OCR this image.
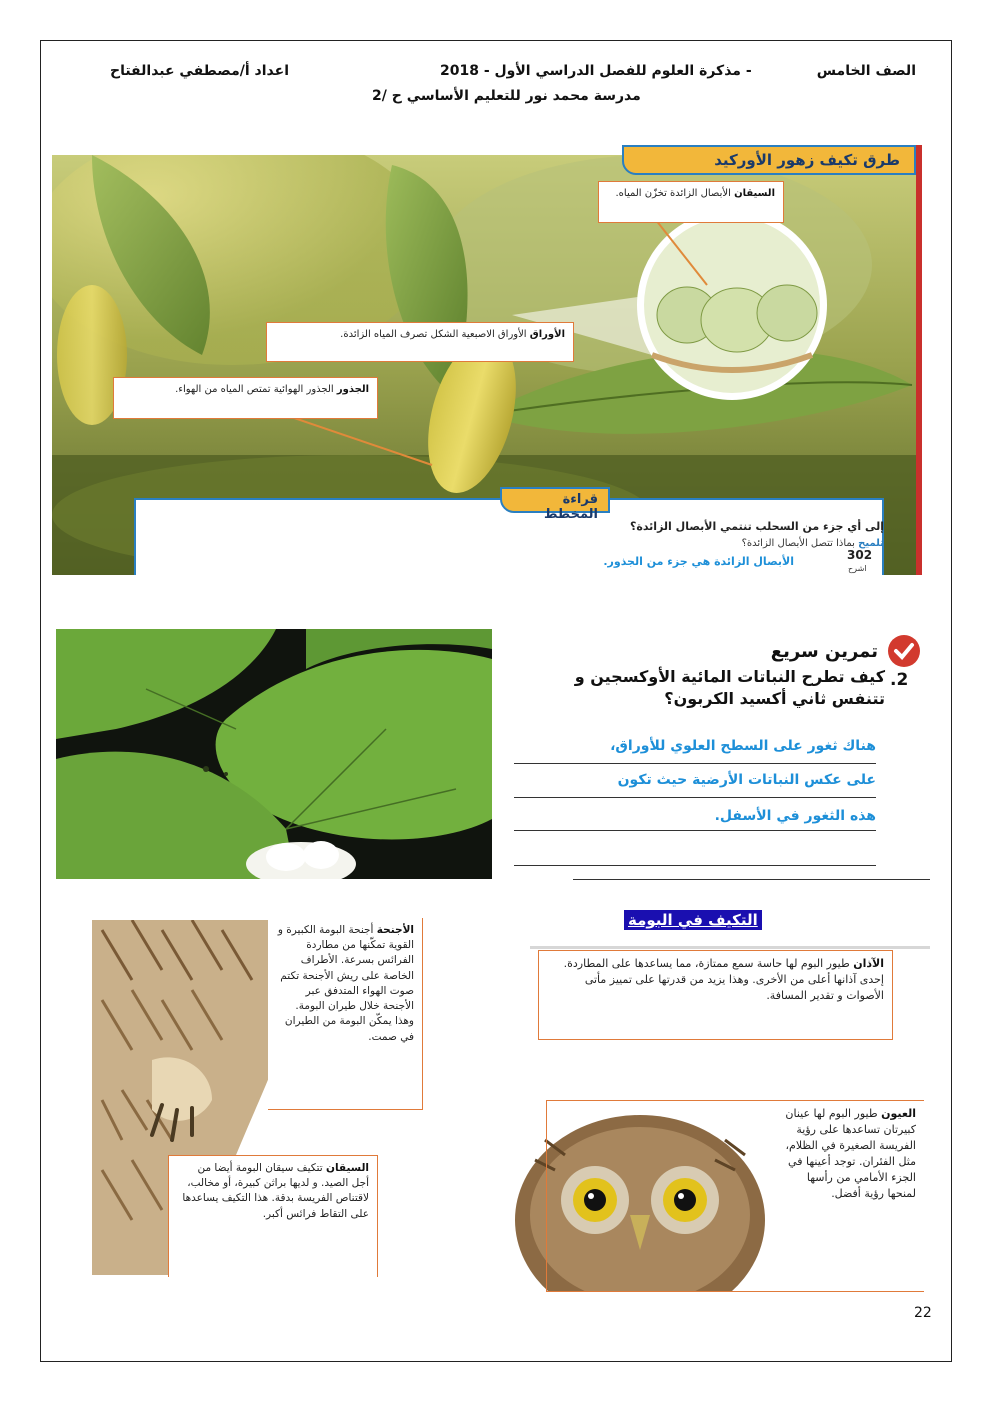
الصف الخامس
- مذكرة العلوم للفصل الدراسي الأول - 2018
اعداد أ/مصطفي عبدالفتاح
مدرسة محمد نور للتعليم الأساسي ح /2
طرق تكيف زهور الأوركيد
السيقان الأبصال الزائدة تخزّن المياه.
الأوراق الأوراق الاصبعية الشكل تصرف المياه الزائدة.
الجذور الجذور الهوائية تمتص المياه من الهواء.
قراءة المخطط
إلى أي جزء من السحلب تنتمي الأبصال الزائدة؟
تلميح بماذا تتصل الأبصال الزائدة؟
الأبصال الزائدة هي جزء من الجذور.	302
اشرح
تمرين سريع
.2
كيف تطرح النباتات المائية الأوكسجين و تتنفس ثاني أكسيد الكربون؟
هناك ثغور على السطح العلوي للأوراق،
على عكس النباتات الأرضية حيث تكون
هذه الثغور في الأسفل.
التكيف في البومة
الأجنحة أجنحة البومة الكبيرة و القوية تمكّنها من مطاردة الفرائس بسرعة. الأطراف الخاصة على ريش الأجنحة تكتم صوت الهواء المتدفق عبر الأجنحة خلال طيران البومة. وهذا يمكّن البومة من الطيران في صمت.
الآذان طيور البوم لها حاسة سمع ممتازة، مما يساعدها على المطاردة. إحدى آذانها أعلى من الأخرى. وهذا يزيد من قدرتها على تمييز مأتى الأصوات و تقدير المسافة.
السيقان تتكيف سيقان البومة أيضا من أجل الصيد. و لديها براثن كبيرة، أو مخالب، لاقتناص الفريسة بدقة. هذا التكيف يساعدها على التقاط فرائس أكبر.
العيون طيور البوم لها عينان كبيرتان تساعدها على رؤية الفريسة الصغيرة في الظلام، مثل الفئران. توجد أعينها في الجزء الأمامي من رأسها لمنحها رؤية أفضل.
22
